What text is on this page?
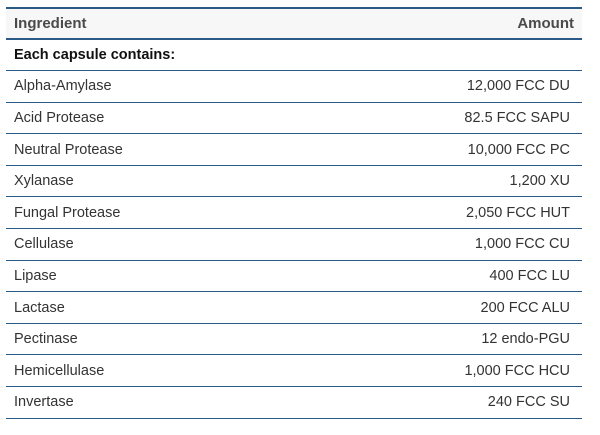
Ingredient	Amount
Each capsule contains:	
Alpha-Amylase	12,000 FCC DU
Acid Protease	82.5 FCC SAPU
Neutral Protease	10,000 FCC PC
Xylanase	1,200 XU
Fungal Protease	2,050 FCC HUT
Cellulase	1,000 FCC CU
Lipase	400 FCC LU
Lactase	200 FCC ALU
Pectinase	12 endo-PGU
Hemicellulase	1,000 FCC HCU
Invertase	240 FCC SU
